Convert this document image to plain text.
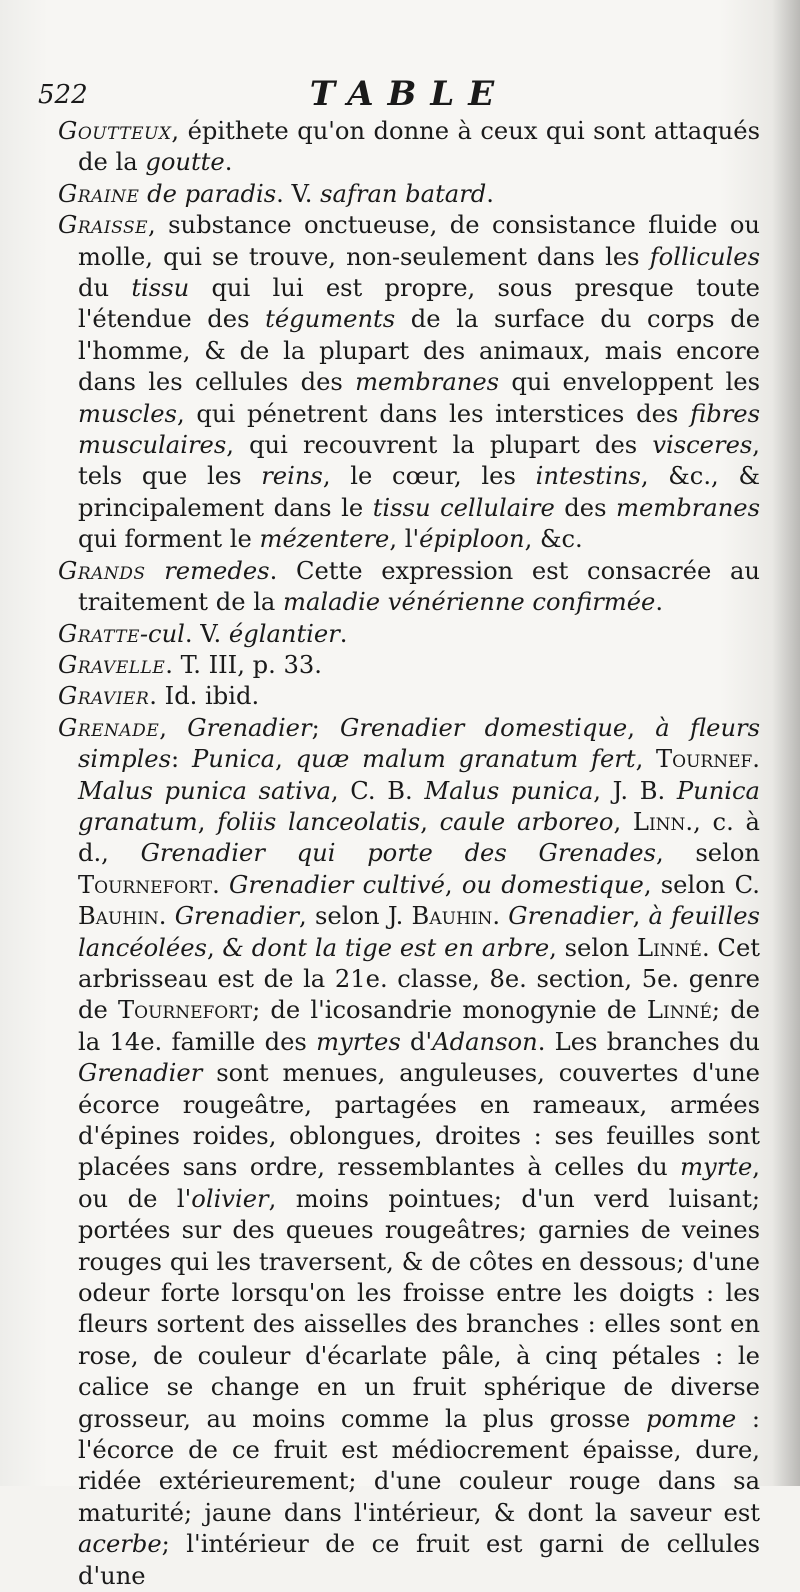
522	TABLE

Goutteux, épithete qu'on donne à ceux qui sont attaqués de la goutte.

Graine de paradis. V. safran batard.

Graisse, substance onctueuse, de consistance fluide ou molle, qui se trouve, non-seulement dans les follicules du tissu qui lui est propre, sous presque toute l'étendue des téguments de la surface du corps de l'homme, & de la plupart des animaux, mais encore dans les cellules des membranes qui enveloppent les muscles, qui pénetrent dans les interstices des fibres musculaires, qui recouvrent la plupart des visceres, tels que les reins, le cœur, les intestins, &c., & principalement dans le tissu cellulaire des membranes qui forment le mézentere, l'épiploon, &c.

Grands remedes. Cette expression est consacrée au traitement de la maladie vénérienne confirmée.

Gratte-cul. V. églantier.

Gravelle. T. III, p. 33.

Gravier. Id. ibid.

Grenade, Grenadier; Grenadier domestique, à fleurs simples: Punica, quæ malum granatum fert, Tournef. Malus punica sativa, C. B. Malus punica, J. B. Punica granatum, foliis lanceolatis, caule arboreo, Linn., c. à d., Grenadier qui porte des Grenades, selon Tournefort. Grenadier cultivé, ou domestique, selon C. Bauhin. Grenadier, selon J. Bauhin. Grenadier, à feuilles lancéolées, & dont la tige est en arbre, selon Linné. Cet arbrisseau est de la 21e. classe, 8e. section, 5e. genre de Tournefort; de l'icosandrie monogynie de Linné; de la 14e. famille des myrtes d'Adanson. Les branches du Grenadier sont menues, anguleuses, couvertes d'une écorce rougeâtre, partagées en rameaux, armées d'épines roides, oblongues, droites : ses feuilles sont placées sans ordre, ressemblantes à celles du myrte, ou de l'olivier, moins pointues; d'un verd luisant; portées sur des queues rougeâtres; garnies de veines rouges qui les traversent, & de côtes en dessous; d'une odeur forte lorsqu'on les froisse entre les doigts : les fleurs sortent des aisselles des branches : elles sont en rose, de couleur d'écarlate pâle, à cinq pétales : le calice se change en un fruit sphérique de diverse grosseur, au moins comme la plus grosse pomme : l'écorce de ce fruit est médiocrement épaisse, dure, ridée extérieurement; d'une couleur rouge dans sa maturité; jaune dans l'intérieur, & dont la saveur est acerbe; l'intérieur de ce fruit est garni de cellules d'une
